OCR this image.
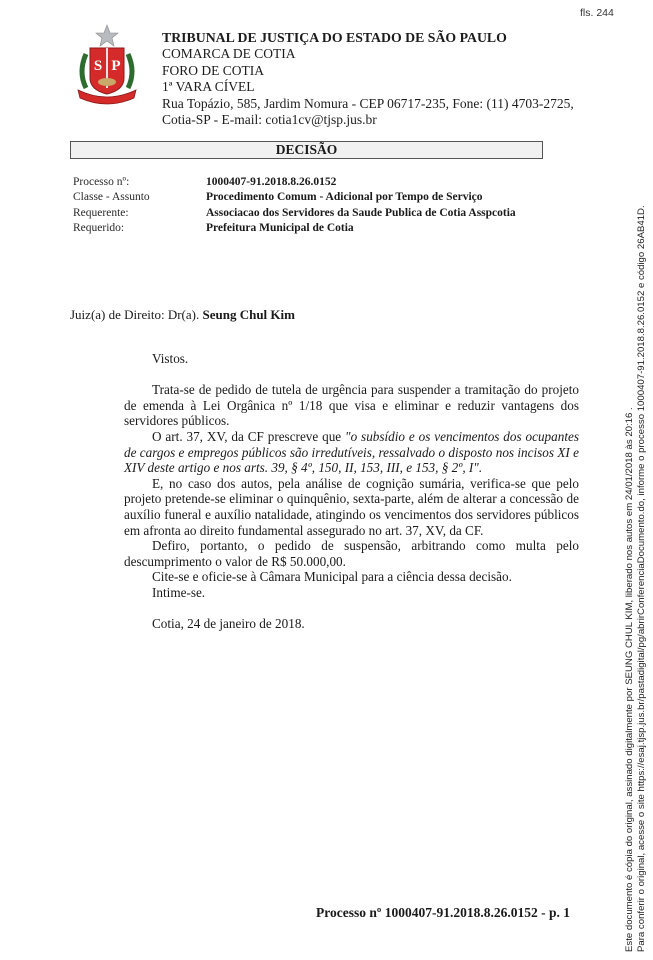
fls. 244
S P
TRIBUNAL DE JUSTIÇA DO ESTADO DE SÃO PAULO
COMARCA DE COTIA
FORO DE COTIA
1ª VARA CÍVEL
Rua Topázio, 585, Jardim Nomura - CEP 06717-235, Fone: (11) 4703-2725,
Cotia-SP - E-mail: cotia1cv@tjsp.jus.br
DECISÃO
Processo nº:	1000407-91.2018.8.26.0152
Classe - Assunto	Procedimento Comum - Adicional por Tempo de Serviço
Requerente:	Associacao dos Servidores da Saude Publica de Cotia Asspcotia
Requerido:	Prefeitura Municipal de Cotia
Juiz(a) de Direito: Dr(a). Seung Chul Kim

Vistos.

Trata-se de pedido de tutela de urgência para suspender a tramitação do projeto de emenda à Lei Orgânica nº 1/18 que visa e eliminar e reduzir vantagens dos servidores públicos.

O art. 37, XV, da CF prescreve que "o subsídio e os vencimentos dos ocupantes de cargos e empregos públicos são irredutíveis, ressalvado o disposto nos incisos XI e XIV deste artigo e nos arts. 39, § 4º, 150, II, 153, III, e 153, § 2º, I".

E, no caso dos autos, pela análise de cognição sumária, verifica-se que pelo projeto pretende-se eliminar o quinquênio, sexta-parte, além de alterar a concessão de auxílio funeral e auxílio natalidade, atingindo os vencimentos dos servidores públicos em afronta ao direito fundamental assegurado no art. 37, XV, da CF.

Defiro, portanto, o pedido de suspensão, arbitrando como multa pelo descumprimento o valor de R$ 50.000,00.

Cite-se e oficie-se à Câmara Municipal para a ciência dessa decisão.

Intime-se.

Cotia, 24 de janeiro de 2018.

Processo nº 1000407-91.2018.8.26.0152 - p. 1	Este documento é cópia do original, assinado digitalmente por SEUNG CHUL KIM, liberado nos autos em 24/01/2018 às 20:16 . Para conferir o original, acesse o site https://esaj.tjsp.jus.br/pastadigital/pg/abrirConferenciaDocumento.do, informe o processo 1000407-91.2018.8.26.0152 e código 26AB41D.
